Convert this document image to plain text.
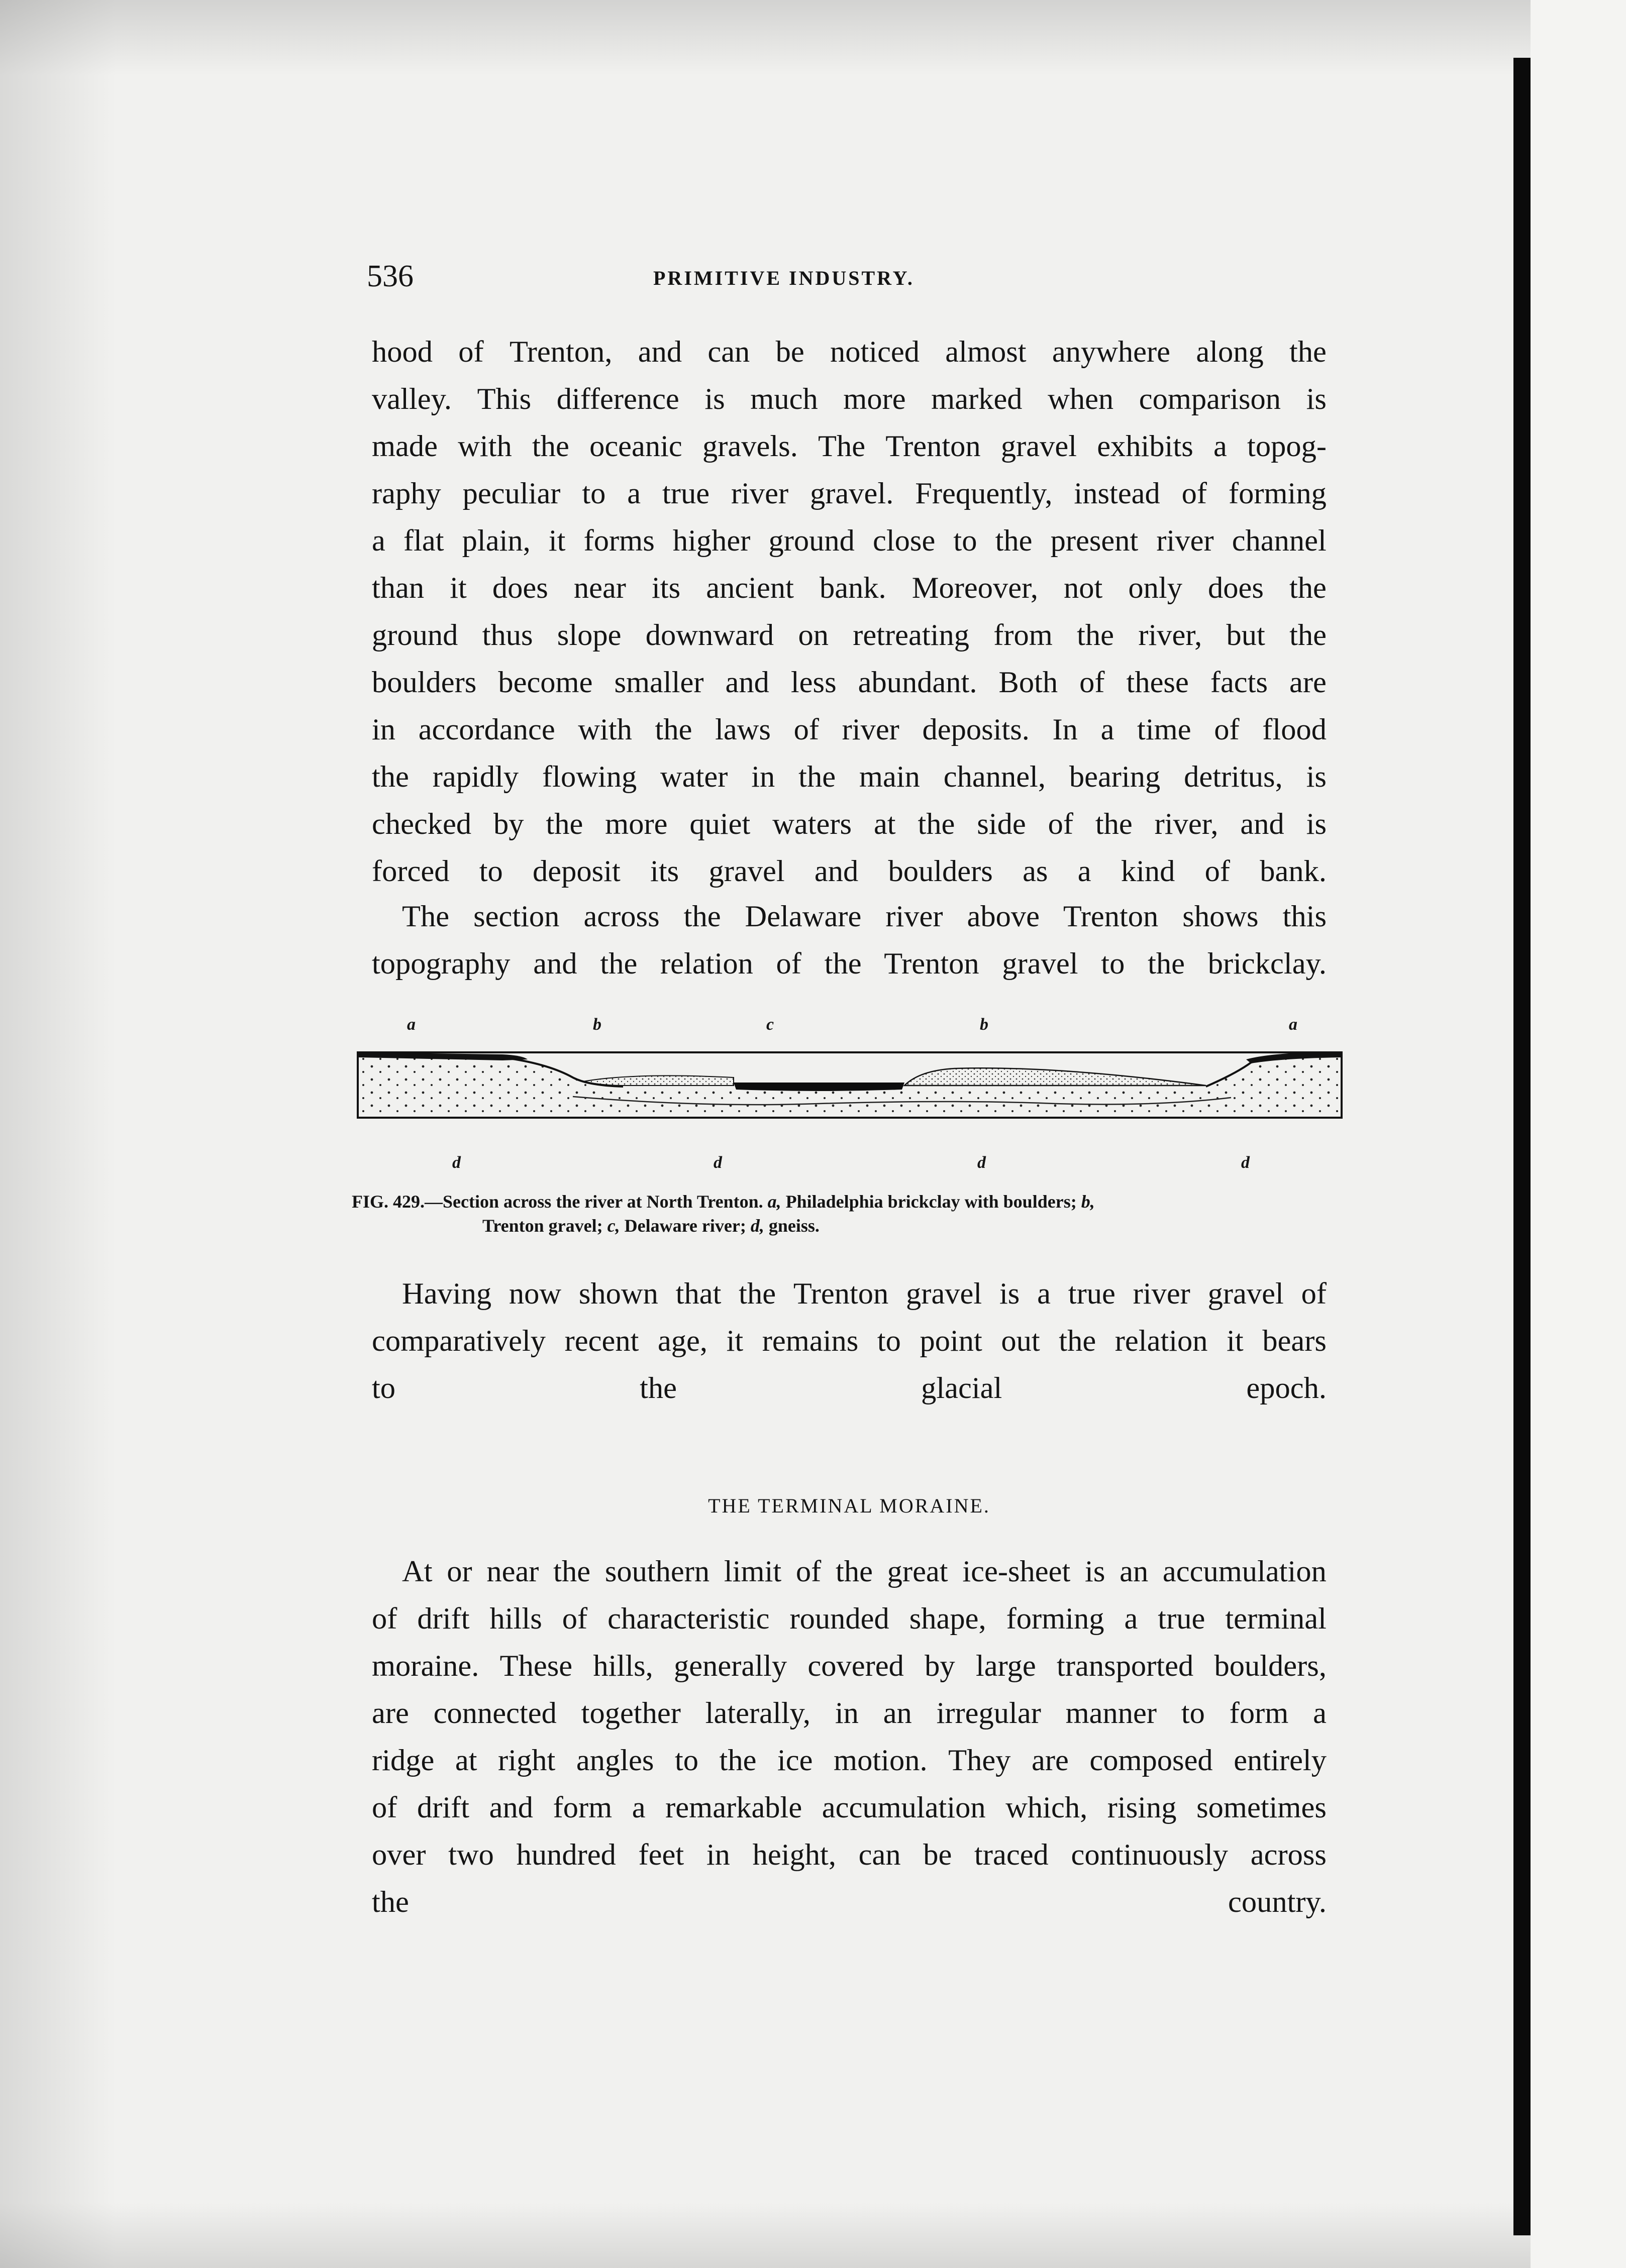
536	PRIMITIVE INDUSTRY.
hood of Trenton, and can be noticed almost anywhere along the
valley. This difference is much more marked when comparison is
made with the oceanic gravels. The Trenton gravel exhibits a topog-
raphy peculiar to a true river gravel. Frequently, instead of forming
a flat plain, it forms higher ground close to the present river channel
than it does near its ancient bank. Moreover, not only does the
ground thus slope downward on retreating from the river, but the
boulders become smaller and less abundant. Both of these facts are
in accordance with the laws of river deposits. In a time of flood
the rapidly flowing water in the main channel, bearing detritus, is
checked by the more quiet waters at the side of the river, and is
forced to deposit its gravel and boulders as a kind of bank.
The section across the Delaware river above Trenton shows this
topography and the relation of the Trenton gravel to the brickclay.
a	b	c	b	a
d	d	d	d
FIG. 429.—Section across the river at North Trenton. a, Philadelphia brickclay with boulders; b,
Trenton gravel; c, Delaware river; d, gneiss.
Having now shown that the Trenton gravel is a true river gravel of
comparatively recent age, it remains to point out the relation it bears
to the glacial epoch.
THE TERMINAL MORAINE.
At or near the southern limit of the great ice-sheet is an accumulation
of drift hills of characteristic rounded shape, forming a true terminal
moraine. These hills, generally covered by large transported boulders,
are connected together laterally, in an irregular manner to form a
ridge at right angles to the ice motion. They are composed entirely
of drift and form a remarkable accumulation which, rising sometimes
over two hundred feet in height, can be traced continuously across
the country.
